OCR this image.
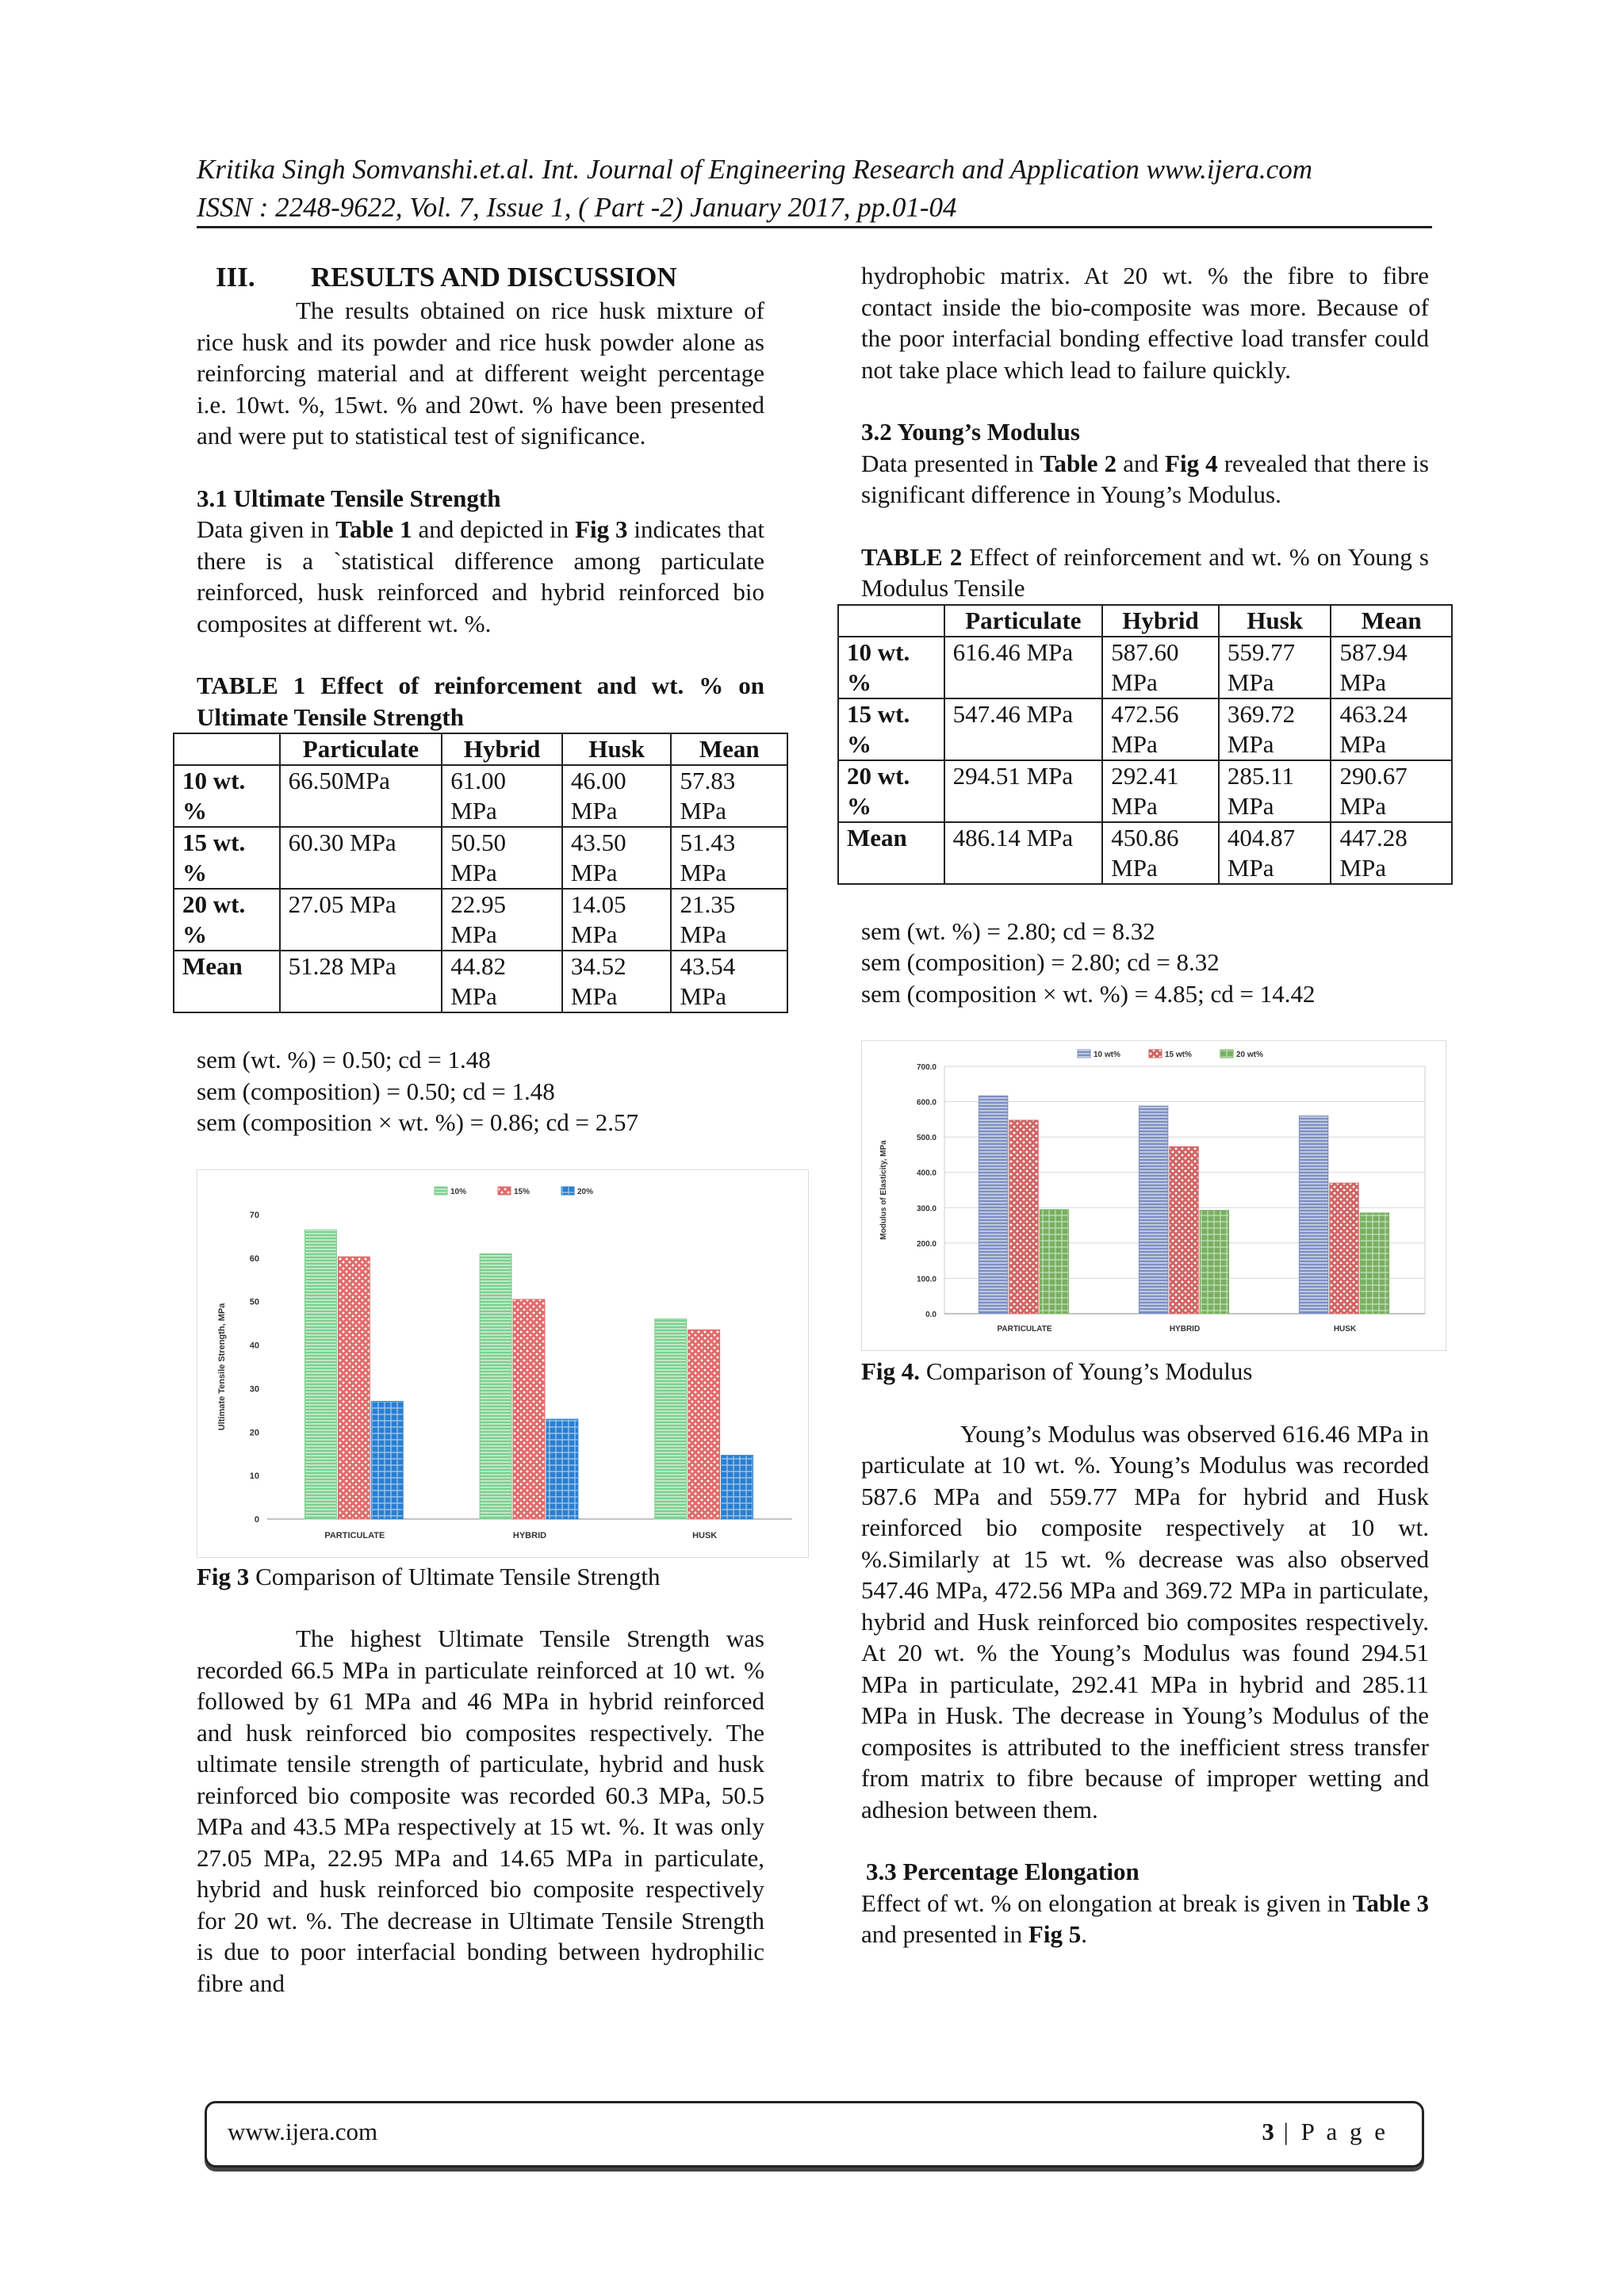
Kritika Singh Somvanshi.et.al. Int. Journal of Engineering Research and Application www.ijera.com
ISSN : 2248-9622, Vol. 7, Issue 1, ( Part -2) January 2017, pp.01-04
III. RESULTS AND DISCUSSION

The results obtained on rice husk mixture of rice husk and its powder and rice husk powder alone as reinforcing material and at different weight percentage i.e. 10wt. %, 15wt. % and 20wt. % have been presented and were put to statistical test of significance.

3.1 Ultimate Tensile Strength

Data given in Table 1 and depicted in Fig 3 indicates that there is a `statistical difference among particulate reinforced, husk reinforced and hybrid reinforced bio composites at different wt. %.

TABLE 1 Effect of reinforcement and wt. % on Ultimate Tensile Strength

	Particulate	Hybrid	Husk	Mean
10 wt. %	66.50MPa	61.00 MPa	46.00 MPa	57.83 MPa
15 wt. %	60.30 MPa	50.50 MPa	43.50 MPa	51.43 MPa
20 wt. %	27.05 MPa	22.95 MPa	14.05 MPa	21.35 MPa
Mean	51.28 MPa	44.82 MPa	34.52 MPa	43.54 MPa

sem (wt. %) = 0.50; cd = 1.48

sem (composition) = 0.50; cd = 1.48

sem (composition × wt. %) = 0.86; cd = 2.57

0
10
20
30
40
50
60
70
Ultimate Tensile Strength, MPa
PARTICULATE	HYBRID	HUSK
10%	15%	20%

Fig 3 Comparison of Ultimate Tensile Strength

The highest Ultimate Tensile Strength was recorded 66.5 MPa in particulate reinforced at 10 wt. % followed by 61 MPa and 46 MPa in hybrid reinforced and husk reinforced bio composites respectively. The ultimate tensile strength of particulate, hybrid and husk reinforced bio composite was recorded 60.3 MPa, 50.5 MPa and 43.5 MPa respectively at 15 wt. %. It was only 27.05 MPa, 22.95 MPa and 14.65 MPa in particulate, hybrid and husk reinforced bio composite respectively for 20 wt. %. The decrease in Ultimate Tensile Strength is due to poor interfacial bonding between hydrophilic fibre and

hydrophobic matrix. At 20 wt. % the fibre to fibre contact inside the bio-composite was more. Because of the poor interfacial bonding effective load transfer could not take place which lead to failure quickly.

3.2 Young’s Modulus

Data presented in Table 2 and Fig 4 revealed that there is significant difference in Young’s Modulus.

TABLE 2 Effect of reinforcement and wt. % on Young s Modulus Tensile

	Particulate	Hybrid	Husk	Mean
10 wt. %	616.46 MPa	587.60 MPa	559.77 MPa	587.94 MPa
15 wt. %	547.46 MPa	472.56 MPa	369.72 MPa	463.24 MPa
20 wt. %	294.51 MPa	292.41 MPa	285.11 MPa	290.67 MPa
Mean	486.14 MPa	450.86 MPa	404.87 MPa	447.28 MPa

sem (wt. %) = 2.80; cd = 8.32

sem (composition) = 2.80; cd = 8.32

sem (composition × wt. %) = 4.85; cd = 14.42

0.0
100.0
200.0
300.0
400.0
500.0
600.0
700.0
Modulus of Elasticity, MPa
PARTICULATE	HYBRID	HUSK
10 wt%	15 wt%	20 wt%

Fig 4. Comparison of Young’s Modulus

Young’s Modulus was observed 616.46 MPa in particulate at 10 wt. %. Young’s Modulus was recorded 587.6 MPa and 559.77 MPa for hybrid and Husk reinforced bio composite respectively at 10 wt. %.Similarly at 15 wt. % decrease was also observed 547.46 MPa, 472.56 MPa and 369.72 MPa in particulate, hybrid and Husk reinforced bio composites respectively. At 20 wt. % the Young’s Modulus was found 294.51 MPa in particulate, 292.41 MPa in hybrid and 285.11 MPa in Husk. The decrease in Young’s Modulus of the composites is attributed to the inefficient stress transfer from matrix to fibre because of improper wetting and adhesion between them.

3.3 Percentage Elongation

Effect of wt. % on elongation at break is given in Table 3 and presented in Fig 5.

www.ijera.com	3 | P a g e
